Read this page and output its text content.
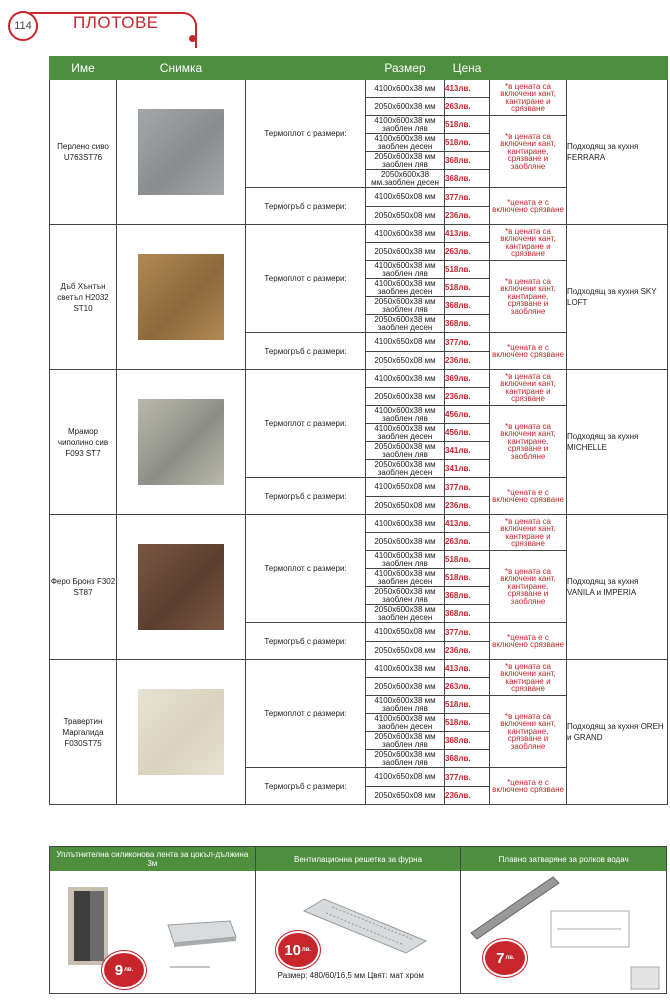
114	ПЛОТОВЕ
Име	Снимка		Размер	Цена		
Перлено сиво U763ST76		Термоплот с размери:	4100x600x38 мм	413лв.	*в цената са включени кант, кантиране и срязване	Подходящ за кухня FERRARA
			2050x600x38 мм	263лв.		
			4100x600x38 мм заоблен ляв	518лв.	*в цената са включени кант, кантиране, срязване и заобляне	
			4100x600x38 мм заоблен десен	518лв.		
			2050x600x38 мм заоблен ляв	368лв.		
			2050x600x38 мм.заоблен десен	368лв.		
		Термогръб с размери:	4100x650x08 мм	377лв.	*цената е с включено срязване	
			2050x650x08 мм	236лв.		
Дъб Хънтън светъл H2032 ST10		Термоплот с размери:	4100x600x38 мм	413лв.	*в цената са включени кант, кантиране и срязване	Подходящ за кухня SKY LOFT
			2050x600x38 мм	263лв.		
			4100x600x38 мм заоблен ляв	518лв.	*в цената са включени кант, кантиране, срязване и заобляне	
			4100x600x38 мм заоблен десен	518лв.		
			2050x600x38 мм заоблен ляв	368лв.		
			2050x600x38 мм заоблен десен	368лв.		
		Термогръб с размери:	4100x650x08 мм	377лв.	*цената е с включено срязване	
			2050x650x08 мм	236лв.		
Мрамор чиполино сив F093 ST7		Термоплот с размери:	4100x600x38 мм	369лв.	*в цената са включени кант, кантиране и срязване	Подходящ за кухня MICHELLE
			2050x600x38 мм	236лв.		
			4100x600x38 мм заоблен ляв	456лв.	*в цената са включени кант, кантиране, срязване и заобляне	
			4100x600x38 мм заоблен десен	456лв.		
			2050x600x38 мм заоблен ляв	341лв.		
			2050x600x38 мм заоблен десен	341лв.		
		Термогръб с размери:	4100x650x08 мм	377лв.	*цената е с включено срязване	
			2050x650x08 мм	236лв.		
Феро Бронз F302 ST87		Термоплот с размери:	4100x600x38 мм	413лв.	*в цената са включени кант, кантиране и срязване	Подходящ за кухня VANILA и IMPERIA
			2050x600x38 мм	263лв.		
			4100x600x38 мм заоблен ляв	518лв.	*в цената са включени кант, кантиране, срязване и заобляне	
			4100x600x38 мм заоблен десен	518лв.		
			2050x600x38 мм заоблен ляв	368лв.		
			2050x600x38 мм заоблен десен	368лв.		
		Термогръб с размери:	4100x650x08 мм	377лв.	*цената е с включено срязване	
			2050x650x08 мм	236лв.		
Травертин Маргалида F030ST75		Термоплот с размери:	4100x600x38 мм	413лв.	*в цената са включени кант, кантиране и срязване	Подходящ за кухня OREH и GRAND
			2050x600x38 мм	263лв.		
			4100x600x38 мм заоблен ляв	518лв.	*в цената са включени кант, кантиране, срязване и заобляне	
			4100x600x38 мм заоблен десен	518лв.		
			2050x600x38 мм заоблен ляв	368лв.		
			2050x600x38 мм заоблен ляв	368лв.		
		Термогръб с размери:	4100x650x08 мм	377лв.	*цената е с включено срязване	
			2050x650x08 мм	236лв.		
Уплътнителна силиконова лента за цокъл-дължина 3м
9 лв.
Вентилационна решетка за фурна
10 лв.
Размер: 480/60/16,5 мм Цвят: мат хром
Плавно затваряне за ролков водач
7 лв.
